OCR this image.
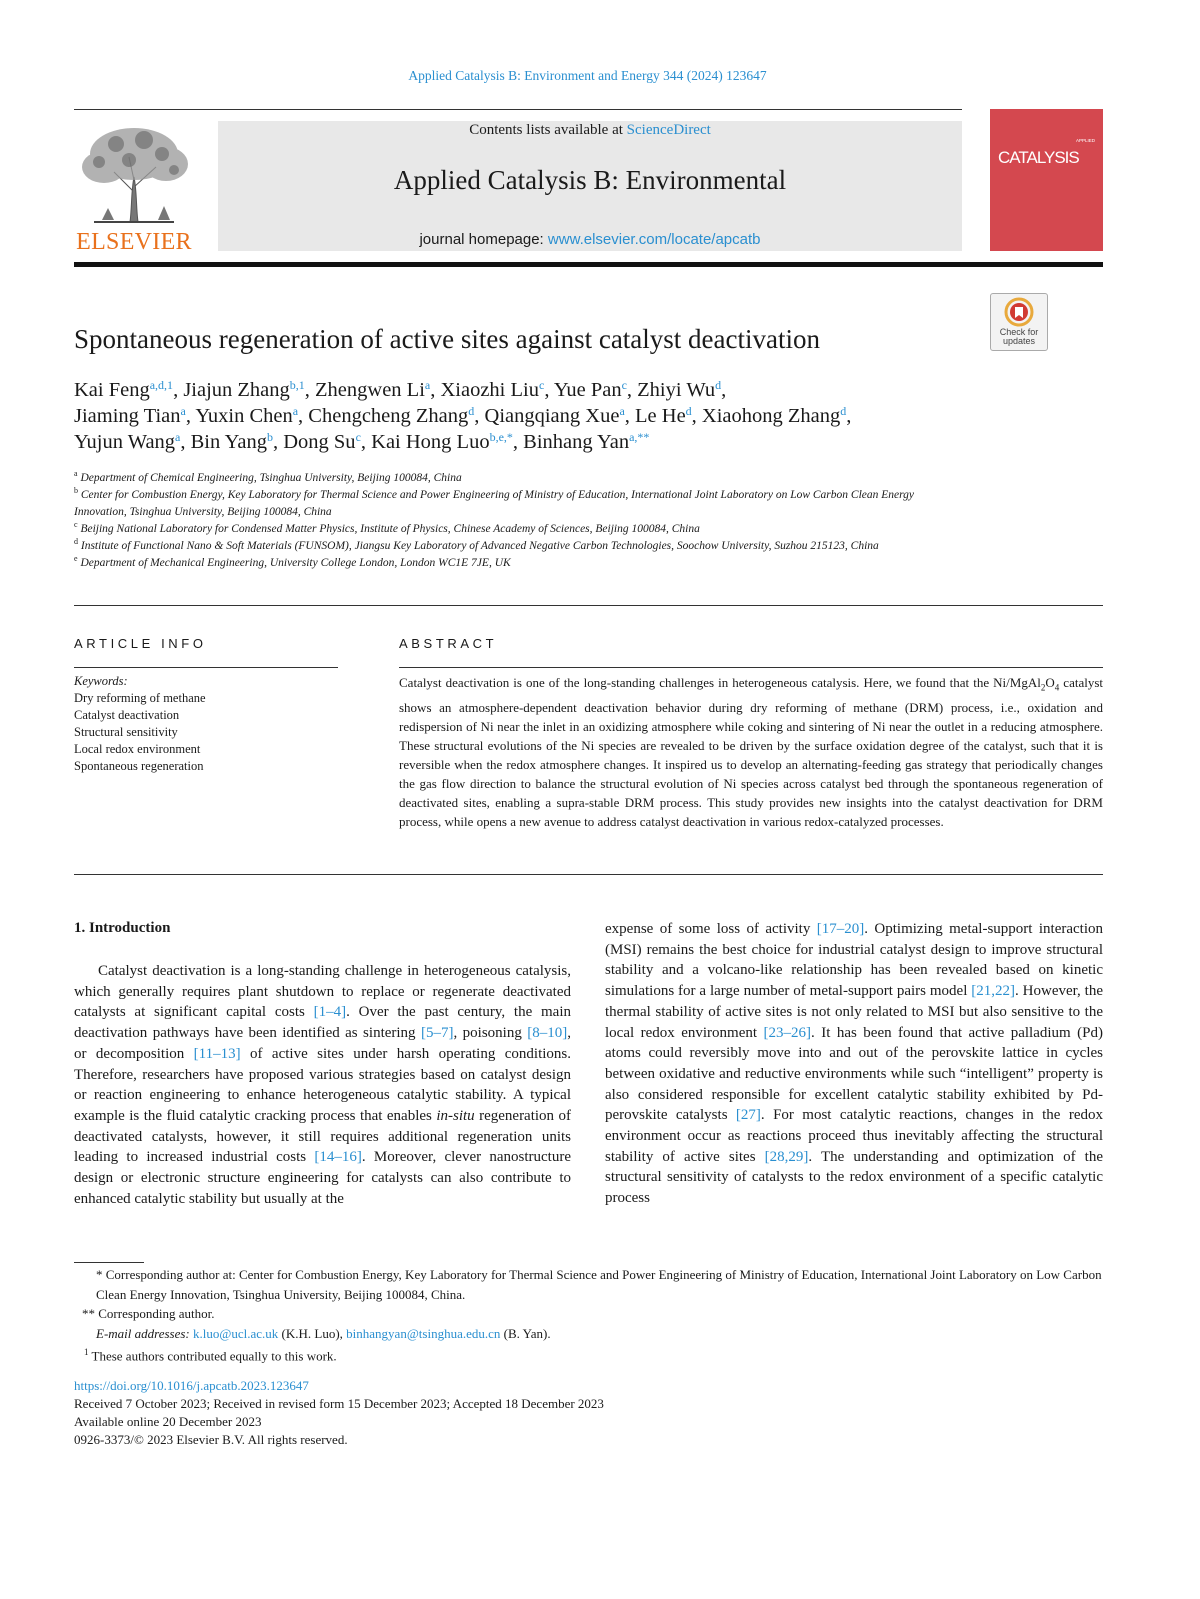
Applied Catalysis B: Environment and Energy 344 (2024) 123647
ELSEVIER
Contents lists available at ScienceDirect
Applied Catalysis B: Environmental
journal homepage: www.elsevier.com/locate/apcatb
APPLIED
CATALYSIS
Check for updates
Spontaneous regeneration of active sites against catalyst deactivation
Kai Feng$^{a,d,1}$, Jiajun Zhang$^{b,1}$, Zhengwen Li$^a$, Xiaozhi Liu$^c$, Yue Pan$^c$, Zhiyi Wu$^d$,
Jiaming Tian$^a$, Yuxin Chen$^a$, Chengcheng Zhang$^d$, Qiangqiang Xue$^a$, Le He$^d$, Xiaohong Zhang$^d$,
Yujun Wang$^a$, Bin Yang$^b$, Dong Su$^c$, Kai Hong Luo$^{b,e,*}$, Binhang Yan$^{a,**}$
$^a$ Department of Chemical Engineering, Tsinghua University, Beijing 100084, China
$^b$ Center for Combustion Energy, Key Laboratory for Thermal Science and Power Engineering of Ministry of Education, International Joint Laboratory on Low Carbon Clean Energy Innovation, Tsinghua University, Beijing 100084, China
$^c$ Beijing National Laboratory for Condensed Matter Physics, Institute of Physics, Chinese Academy of Sciences, Beijing 100084, China
$^d$ Institute of Functional Nano & Soft Materials (FUNSOM), Jiangsu Key Laboratory of Advanced Negative Carbon Technologies, Soochow University, Suzhou 215123, China
$^e$ Department of Mechanical Engineering, University College London, London WC1E 7JE, UK
ARTICLE INFO	ABSTRACT
Keywords:
Dry reforming of methane
Catalyst deactivation
Structural sensitivity
Local redox environment
Spontaneous regeneration
Catalyst deactivation is one of the long-standing challenges in heterogeneous catalysis. Here, we found that the $Ni/MgAl_2O_4$ catalyst shows an atmosphere-dependent deactivation behavior during dry reforming of methane (DRM) process, i.e., oxidation and redispersion of Ni near the inlet in an oxidizing atmosphere while coking and sintering of Ni near the outlet in a reducing atmosphere. These structural evolutions of the Ni species are revealed to be driven by the surface oxidation degree of the catalyst, such that it is reversible when the redox atmosphere changes. It inspired us to develop an alternating-feeding gas strategy that periodically changes the gas flow direction to balance the structural evolution of Ni species across catalyst bed through the spontaneous regeneration of deactivated sites, enabling a supra-stable DRM process. This study provides new insights into the catalyst deactivation for DRM process, while opens a new avenue to address catalyst deactivation in various redox-catalyzed processes.
1. Introduction

Catalyst deactivation is a long-standing challenge in heterogeneous catalysis, which generally requires plant shutdown to replace or regenerate deactivated catalysts at significant capital costs [1–4]. Over the past century, the main deactivation pathways have been identified as sintering [5–7], poisoning [8–10], or decomposition [11–13] of active sites under harsh operating conditions. Therefore, researchers have proposed various strategies based on catalyst design or reaction engineering to enhance heterogeneous catalytic stability. A typical example is the fluid catalytic cracking process that enables in-situ regeneration of deactivated catalysts, however, it still requires additional regeneration units leading to increased industrial costs [14–16]. Moreover, clever nanostructure design or electronic structure engineering for catalysts can also contribute to enhanced catalytic stability but usually at the

expense of some loss of activity [17–20]. Optimizing metal-support interaction (MSI) remains the best choice for industrial catalyst design to improve structural stability and a volcano-like relationship has been revealed based on kinetic simulations for a large number of metal-support pairs model [21,22]. However, the thermal stability of active sites is not only related to MSI but also sensitive to the local redox environment [23–26]. It has been found that active palladium (Pd) atoms could reversibly move into and out of the perovskite lattice in cycles between oxidative and reductive environments while such “intelligent” property is also considered responsible for excellent catalytic stability exhibited by Pd-perovskite catalysts [27]. For most catalytic reactions, changes in the redox environment occur as reactions proceed thus inevitably affecting the structural stability of active sites [28,29]. The understanding and optimization of the structural sensitivity of catalysts to the redox environment of a specific catalytic process

* Corresponding author at: Center for Combustion Energy, Key Laboratory for Thermal Science and Power Engineering of Ministry of Education, International Joint Laboratory on Low Carbon Clean Energy Innovation, Tsinghua University, Beijing 100084, China.

** Corresponding author.

E-mail addresses: k.luo@ucl.ac.uk (K.H. Luo), binhangyan@tsinghua.edu.cn (B. Yan).

$^1$ These authors contributed equally to this work.

https://doi.org/10.1016/j.apcatb.2023.123647

Received 7 October 2023; Received in revised form 15 December 2023; Accepted 18 December 2023

Available online 20 December 2023

0926-3373/© 2023 Elsevier B.V. All rights reserved.
